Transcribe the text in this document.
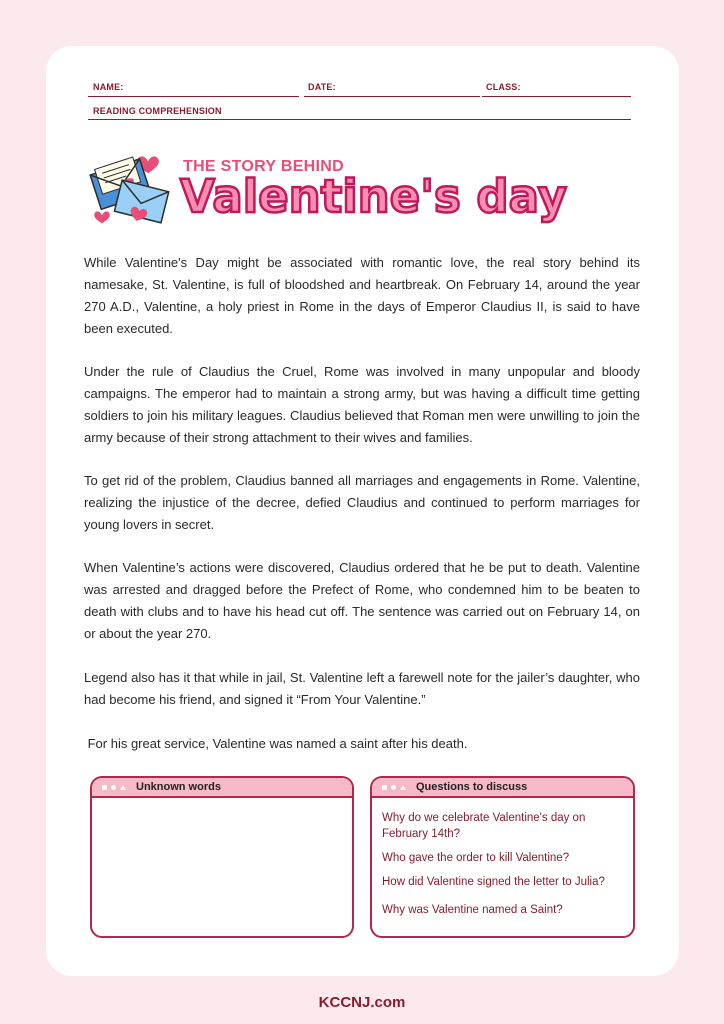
NAME:	DATE:	CLASS:
READING COMPREHENSION
THE STORY BEHIND
Valentine's day

While Valentine's Day might be associated with romantic love, the real story behind its namesake, St. Valentine, is full of bloodshed and heartbreak. On February 14, around the year 270 A.D., Valentine, a holy priest in Rome in the days of Emperor Claudius II, is said to have been executed.

Under the rule of Claudius the Cruel, Rome was involved in many unpopular and bloody campaigns. The emperor had to maintain a strong army, but was having a difficult time getting soldiers to join his military leagues. Claudius believed that Roman men were unwilling to join the army because of their strong attachment to their wives and families.

To get rid of the problem, Claudius banned all marriages and engagements in Rome. Valentine, realizing the injustice of the decree, defied Claudius and continued to perform marriages for young lovers in secret.

When Valentine’s actions were discovered, Claudius ordered that he be put to death. Valentine was arrested and dragged before the Prefect of Rome, who condemned him to be beaten to death with clubs and to have his head cut off. The sentence was carried out on February 14, on or about the year 270.

Legend also has it that while in jail, St. Valentine left a farewell note for the jailer’s daughter, who had become his friend, and signed it “From Your Valentine.”

For his great service, Valentine was named a saint after his death.

Unknown words	Questions to discuss
Why do we celebrate Valentine's day on February 14th?
Who gave the order to kill Valentine?
How did Valentine signed the letter to Julia?
Why was Valentine named a Saint?
KCCNJ.com
